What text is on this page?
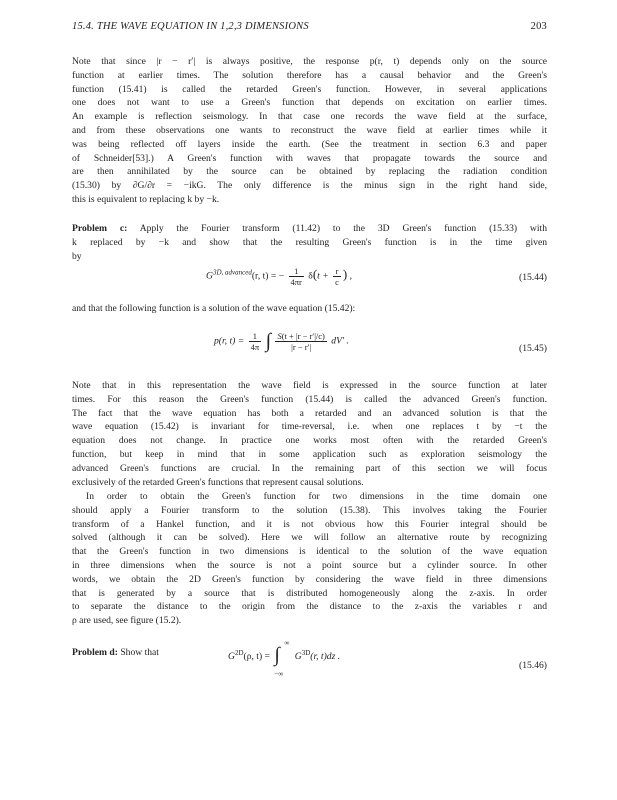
15.4. THE WAVE EQUATION IN 1,2,3 DIMENSIONS	203
Note that since |r − r′| is always positive, the response p(r, t) depends only on the source
function at earlier times. The solution therefore has a causal behavior and the Green's
function (15.41) is called the retarded Green's function. However, in several applications
one does not want to use a Green's function that depends on excitation on earlier times.
An example is reflection seismology. In that case one records the wave field at the surface,
and from these observations one wants to reconstruct the wave field at earlier times while it
was being reflected off layers inside the earth. (See the treatment in section 6.3 and paper
of Schneider[53].) A Green's function with waves that propagate towards the source and
are then annihilated by the source can be obtained by replacing the radiation condition
(15.30) by ∂G/∂r = −ikG. The only difference is the minus sign in the right hand side,
this is equivalent to replacing k by −k.
Problem c: Apply the Fourier transform (11.42) to the 3D Green's function (15.33) with
k replaced by −k and show that the resulting Green's function is in the time given
by
$G^{3D, advanced}(r$, t) = − $\frac{1}{4\pi r} \delta(t + \frac{r}{c}$ ) ,	(15.44)
and that the following function is a solution of the wave equation (15.42):
p(r, $t) = \frac{1}{4\pi}$ ∫ $\frac{S(t + |r - r'|/c)}{|r - r'|} dV'$ .
(15.45)
Note that in this representation the wave field is expressed in the source function at later
times. For this reason the Green's function (15.44) is called the advanced Green's function.
The fact that the wave equation has both a retarded and an advanced solution is that the
wave equation (15.42) is invariant for time-reversal, i.e. when one replaces t by −t the
equation does not change. In practice one works most often with the retarded Green's
function, but keep in mind that in some application such as exploration seismology the
advanced Green's functions are crucial. In the remaining part of this section we will focus
exclusively of the retarded Green's functions that represent causal solutions.
In order to obtain the Green's function for two dimensions in the time domain one
should apply a Fourier transform to the solution (15.38). This involves taking the Fourier
transform of a Hankel function, and it is not obvious how this Fourier integral should be
solved (although it can be solved). Here we will follow an alternative route by recognizing
that the Green's function in two dimensions is identical to the solution of the wave equation
in three dimensions when the source is not a point source but a cylinder source. In other
words, we obtain the 2D Green's function by considering the wave field in three dimensions
that is generated by a source that is distributed homogeneously along the z-axis. In order
to separate the distance to the origin from the distance to the z-axis the variables r and
ρ are used, see figure (15.2).
Problem d: Show that	$G^{2D}(\rho$, t) = ∫
∞
−∞
$G^{3D}(r$, t)dz .
(15.46)
